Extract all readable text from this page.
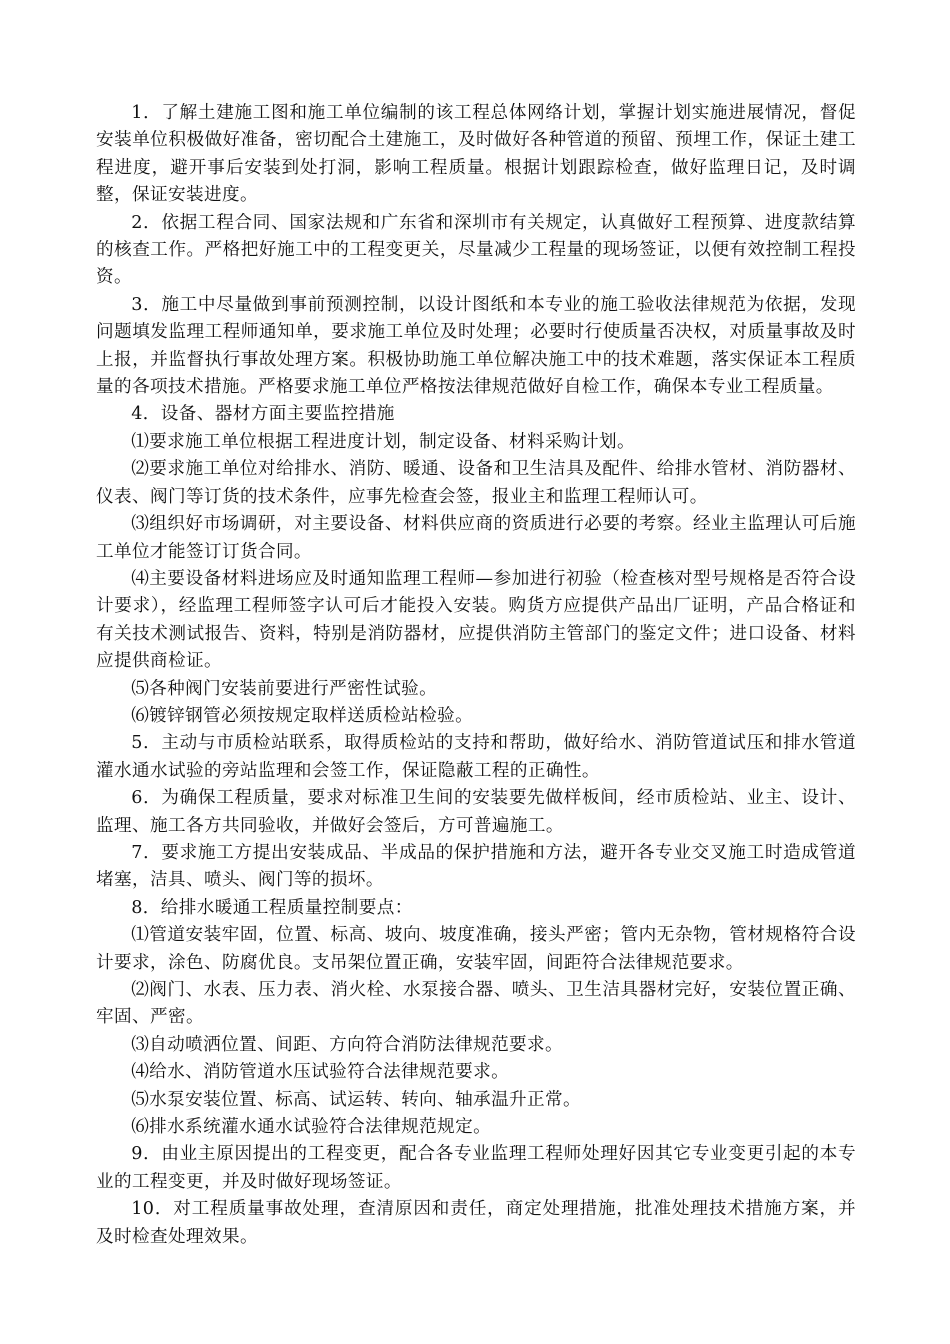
1．了解土建施工图和施工单位编制的该工程总体网络计划，掌握计划实施进展情况，督促安装单位积极做好准备，密切配合土建施工，及时做好各种管道的预留、预埋工作，保证土建工程进度，避开事后安装到处打洞，影响工程质量。根据计划跟踪检查，做好监理日记，及时调整，保证安装进度。

2．依据工程合同、国家法规和广东省和深圳市有关规定，认真做好工程预算、进度款结算的核查工作。严格把好施工中的工程变更关，尽量减少工程量的现场签证，以便有效控制工程投资。

3．施工中尽量做到事前预测控制，以设计图纸和本专业的施工验收法律规范为依据，发现问题填发监理工程师通知单，要求施工单位及时处理；必要时行使质量否决权，对质量事故及时上报，并监督执行事故处理方案。积极协助施工单位解决施工中的技术难题，落实保证本工程质量的各项技术措施。严格要求施工单位严格按法律规范做好自检工作，确保本专业工程质量。

4．设备、器材方面主要监控措施

⑴要求施工单位根据工程进度计划，制定设备、材料采购计划。

⑵要求施工单位对给排水、消防、暖通、设备和卫生洁具及配件、给排水管材、消防器材、仪表、阀门等订货的技术条件，应事先检查会签，报业主和监理工程师认可。

⑶组织好市场调研，对主要设备、材料供应商的资质进行必要的考察。经业主监理认可后施工单位才能签订订货合同。

⑷主要设备材料进场应及时通知监理工程师—参加进行初验（检查核对型号规格是否符合设计要求），经监理工程师签字认可后才能投入安装。购货方应提供产品出厂证明，产品合格证和有关技术测试报告、资料，特别是消防器材，应提供消防主管部门的鉴定文件；进口设备、材料应提供商检证。

⑸各种阀门安装前要进行严密性试验。

⑹镀锌钢管必须按规定取样送质检站检验。

5．主动与市质检站联系，取得质检站的支持和帮助，做好给水、消防管道试压和排水管道灌水通水试验的旁站监理和会签工作，保证隐蔽工程的正确性。

6．为确保工程质量，要求对标准卫生间的安装要先做样板间，经市质检站、业主、设计、监理、施工各方共同验收，并做好会签后，方可普遍施工。

7．要求施工方提出安装成品、半成品的保护措施和方法，避开各专业交叉施工时造成管道堵塞，洁具、喷头、阀门等的损坏。

8．给排水暖通工程质量控制要点：

⑴管道安装牢固，位置、标高、坡向、坡度准确，接头严密；管内无杂物，管材规格符合设计要求，涂色、防腐优良。支吊架位置正确，安装牢固，间距符合法律规范要求。

⑵阀门、水表、压力表、消火栓、水泵接合器、喷头、卫生洁具器材完好，安装位置正确、牢固、严密。

⑶自动喷洒位置、间距、方向符合消防法律规范要求。

⑷给水、消防管道水压试验符合法律规范要求。

⑸水泵安装位置、标高、试运转、转向、轴承温升正常。

⑹排水系统灌水通水试验符合法律规范规定。

9．由业主原因提出的工程变更，配合各专业监理工程师处理好因其它专业变更引起的本专业的工程变更，并及时做好现场签证。

10．对工程质量事故处理，查清原因和责任，商定处理措施，批准处理技术措施方案，并及时检查处理效果。
